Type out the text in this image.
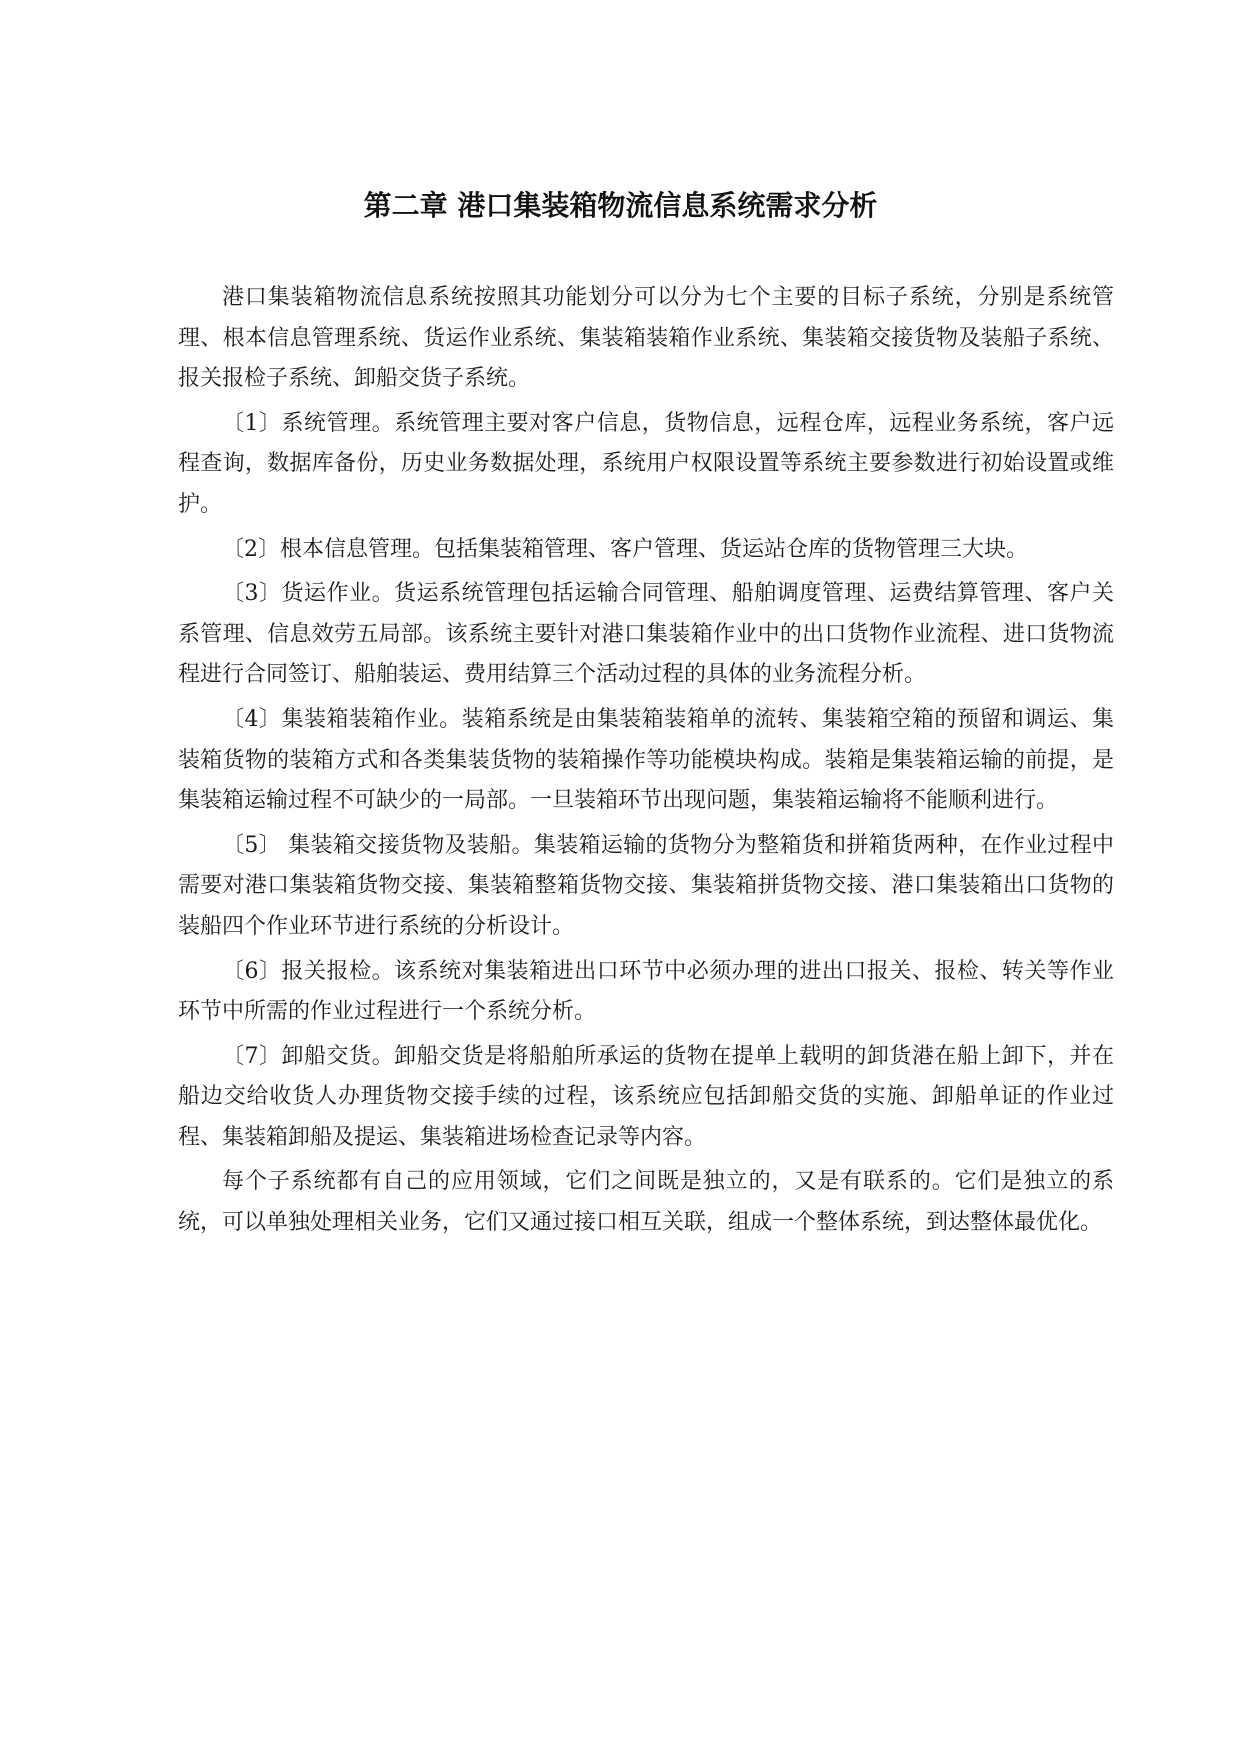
第二章 港口集装箱物流信息系统需求分析

港口集装箱物流信息系统按照其功能划分可以分为七个主要的目标子系统，分别是系统管理、根本信息管理系统、货运作业系统、集装箱装箱作业系统、集装箱交接货物及装船子系统、报关报检子系统、卸船交货子系统。

〔1〕系统管理。系统管理主要对客户信息，货物信息，远程仓库，远程业务系统，客户远程查询，数据库备份，历史业务数据处理，系统用户权限设置等系统主要参数进行初始设置或维护。

〔2〕根本信息管理。包括集装箱管理、客户管理、货运站仓库的货物管理三大块。

〔3〕货运作业。货运系统管理包括运输合同管理、船舶调度管理、运费结算管理、客户关系管理、信息效劳五局部。该系统主要针对港口集装箱作业中的出口货物作业流程、进口货物流程进行合同签订、船舶装运、费用结算三个活动过程的具体的业务流程分析。

〔4〕集装箱装箱作业。装箱系统是由集装箱装箱单的流转、集装箱空箱的预留和调运、集装箱货物的装箱方式和各类集装货物的装箱操作等功能模块构成。装箱是集装箱运输的前提，是集装箱运输过程不可缺少的一局部。一旦装箱环节出现问题，集装箱运输将不能顺利进行。

〔5〕 集装箱交接货物及装船。集装箱运输的货物分为整箱货和拼箱货两种，在作业过程中需要对港口集装箱货物交接、集装箱整箱货物交接、集装箱拼货物交接、港口集装箱出口货物的装船四个作业环节进行系统的分析设计。

〔6〕报关报检。该系统对集装箱进出口环节中必须办理的进出口报关、报检、转关等作业环节中所需的作业过程进行一个系统分析。

〔7〕卸船交货。卸船交货是将船舶所承运的货物在提单上载明的卸货港在船上卸下，并在船边交给收货人办理货物交接手续的过程，该系统应包括卸船交货的实施、卸船单证的作业过程、集装箱卸船及提运、集装箱进场检查记录等内容。

每个子系统都有自己的应用领域，它们之间既是独立的，又是有联系的。它们是独立的系统，可以单独处理相关业务，它们又通过接口相互关联，组成一个整体系统，到达整体最优化。
